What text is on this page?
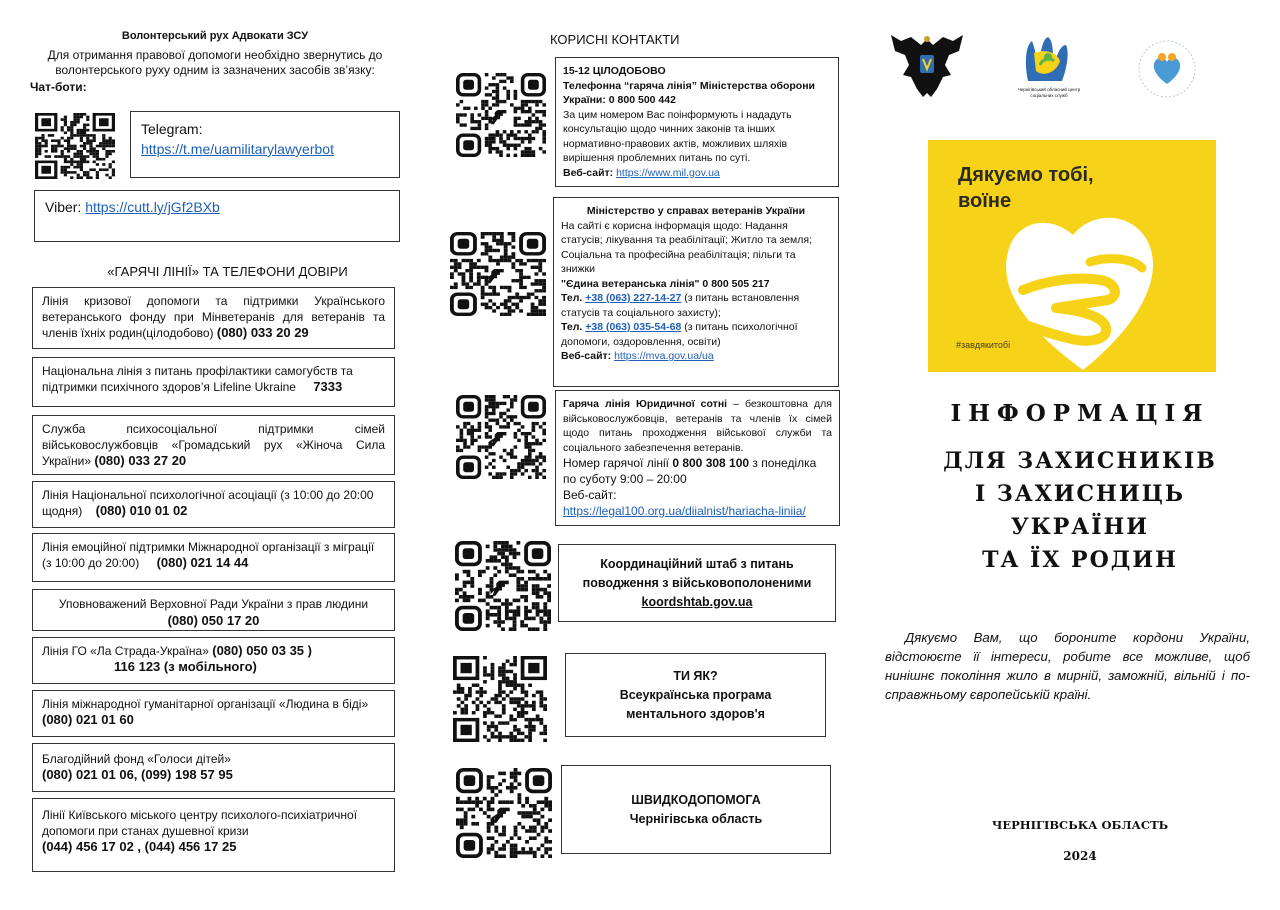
Волонтерський рух Адвокати ЗСУ
Для отримання правової допомоги необхідно звернутись до волонтерського руху одним із зазначених засобів зв’язку:
Чат-боти:
Telegram:
https://t.me/uamilitarylawyerbot
Viber: https://cutt.ly/jGf2BXb
«ГАРЯЧІ ЛІНІЇ» ТА ТЕЛЕФОНИ ДОВІРИ
Лінія кризової допомоги та підтримки Українського ветеранського фонду при Мінветеранів для ветеранів та членів їхніх родин(цілодобово) (080) 033 20 29
Національна лінія з питань профілактики самогубств та підтримки психічного здоров’я Lifeline Ukraine 7333
Служба психосоціальної підтримки сімей військовослужбовців «Громадський рух «Жіноча Сила України» (080) 033 27 20
Лінія Національної психологічної асоціації (з 10:00 до 20:00 щодня) (080) 010 01 02
Лінія емоційної підтримки Міжнародної організації з міграції (з 10:00 до 20:00) (080) 021 14 44
Уповноважений Верховної Ради України з прав людини
(080) 050 17 20
Лінія ГО «Ла Страда-Україна» (080) 050 03 35 )
116 123 (з мобільного)
Лінія міжнародної гуманітарної організації «Людина в біді»
(080) 021 01 60
Благодійний фонд «Голоси дітей»
(080) 021 01 06, (099) 198 57 95
Лінії Київського міського центру психолого-психіатричної допомоги при станах душевної кризи
(044) 456 17 02 , (044) 456 17 25
КОРИСНІ КОНТАКТИ
15-12 ЦІЛОДОБОВО
Телефонна “гаряча лінія” Міністерства оборони України: 0 800 500 442
За цим номером Вас поінформують і нададуть консультацію щодо чинних законів та інших нормативно-правових актів, можливих шляхів вирішення проблемних питань по суті.
Веб-сайт: https://www.mil.gov.ua
Міністерство у справах ветеранів України
На сайті є корисна інформація щодо: Надання статусів; лікування та реабілітації; Житло та земля; Соціальна та професійна реабілітація; пільги та знижки
"Єдина ветеранська лінія" 0 800 505 217
Тел. +38 (063) 227-14-27 (з питань встановлення статусів та соціального захисту);
Тел. +38 (063) 035-54-68 (з питань психологічної допомоги, оздоровлення, освіти)
Веб-сайт: https://mva.gov.ua/ua
Гаряча лінія Юридичної сотні – безкоштовна для військовослужбовців, ветеранів та членів їх сімей щодо питань проходження військової служби та соціального забезпечення ветеранів.
Номер гарячої лінії 0 800 308 100 з понеділка по суботу 9:00 – 20:00
Веб-сайт:
https://legal100.org.ua/diialnist/hariacha-liniia/
Координаційний штаб з питань
поводження з військовополоненими
koordshtab.gov.ua
ТИ ЯК?
Всеукраїнська програма
ментального здоров'я
ШВИДКОДОПОМОГА
Чернігівська область
Чернігівський обласний центр соціальних служб
Дякуємо тобі, воїне
#завдякитобі
ІНФОРМАЦІЯ
ДЛЯ ЗАХИСНИКІВ
І ЗАХИСНИЦЬ
УКРАЇНИ
ТА ЇХ РОДИН
Дякуємо Вам, що бороните кордони України, відстоюєте її інтереси, робите все можливе, щоб нинішнє покоління жило в мирній, заможній, вільній і по-справжньому європейській країні.
ЧЕРНІГІВСЬКА ОБЛАСТЬ
2024
